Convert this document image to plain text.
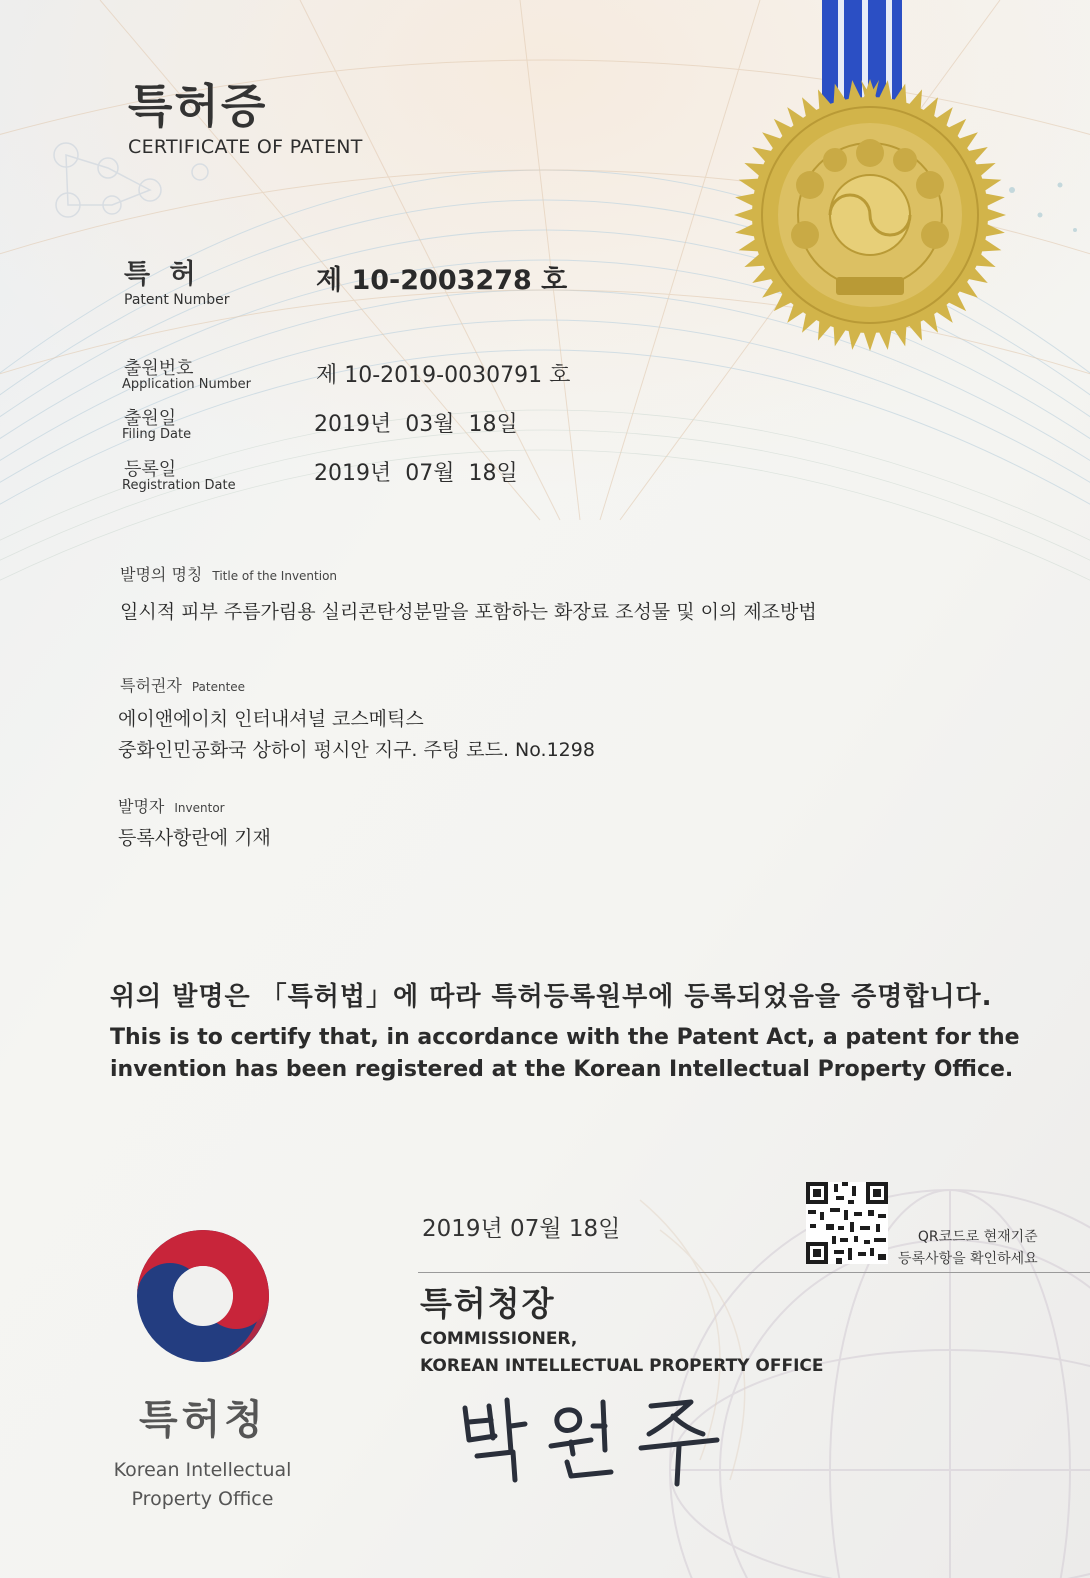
특허증
CERTIFICATE OF PATENT
특 허
Patent Number
제 10-2003278 호
출원번호
Application Number	제 10-2019-0030791 호
출원일
Filing Date	2019년  03월  18일
등록일
Registration Date	2019년  07월  18일
발명의 명칭 Title of the Invention
일시적 피부 주름가림용 실리콘탄성분말을 포함하는 화장료 조성물 및 이의 제조방법
특허권자 Patentee
에이앤에이치 인터내셔널 코스메틱스
중화인민공화국 상하이 펑시안 지구. 주팅 로드. No.1298
발명자 Inventor
등록사항란에 기재
위의 발명은 「특허법」에 따라 특허등록원부에 등록되었음을 증명합니다.
This is to certify that, in accordance with the Patent Act, a patent for the invention has been registered at the Korean Intellectual Property Office.
2019년 07월 18일	QR코드로 현재기준
등록사항을 확인하세요
특허청장
COMMISSIONER,
KOREAN INTELLECTUAL PROPERTY OFFICE
특허청
Korean Intellectual
Property Office
